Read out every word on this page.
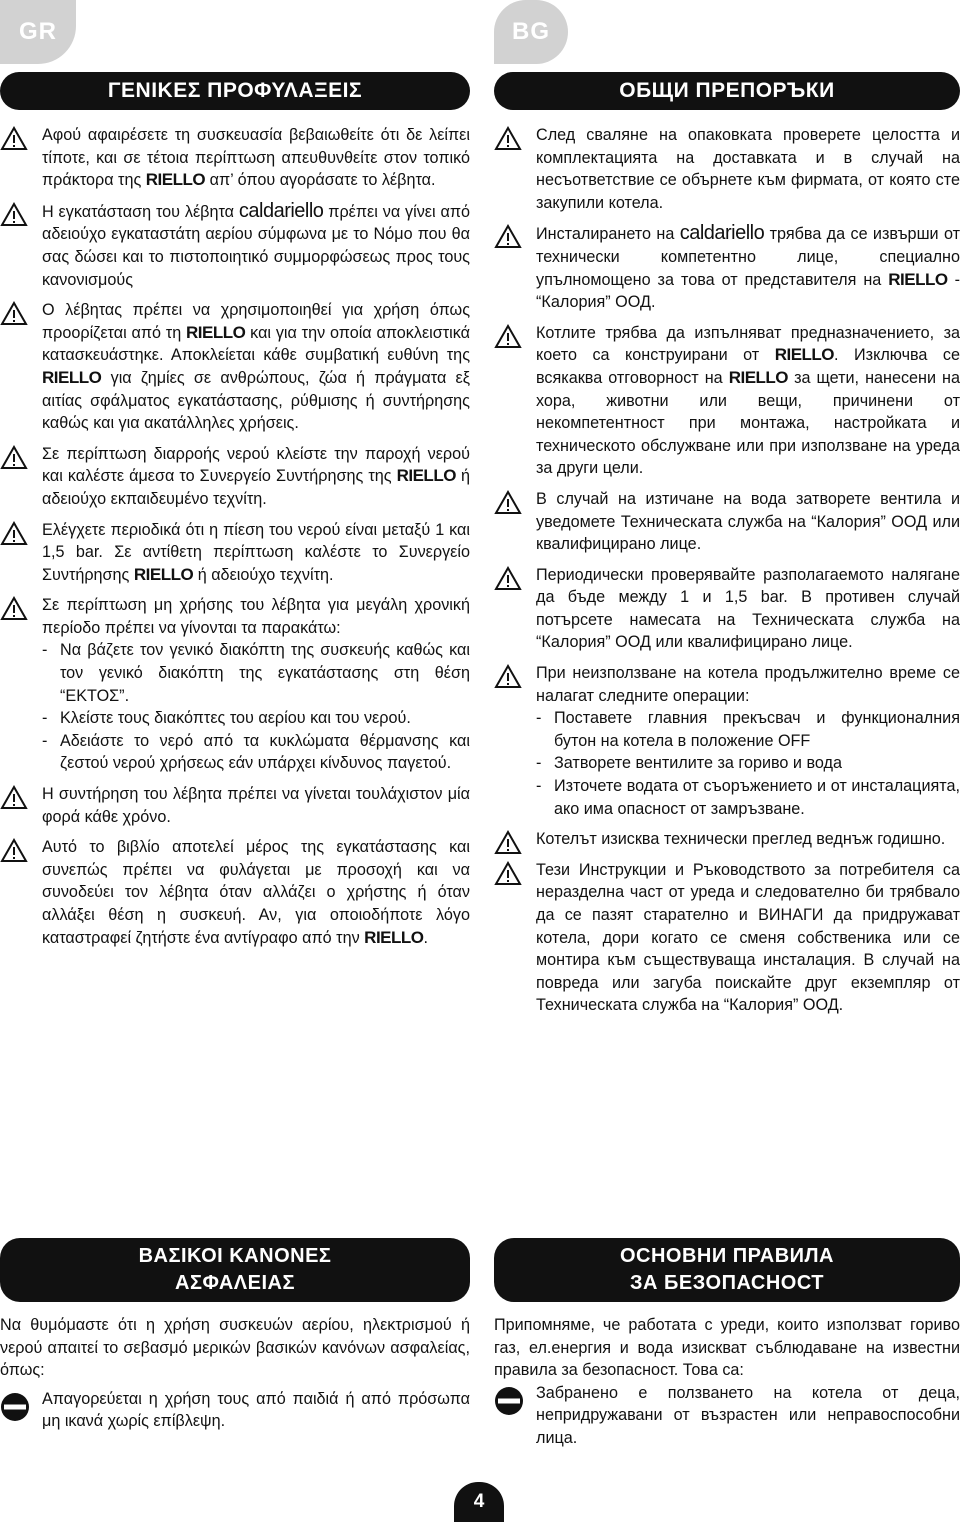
GR	BG
ΓΕΝΙΚΕΣ ΠΡΟΦΥΛΑΞΕΙΣ
Αφού αφαιρέσετε τη συσκευασία βεβαιωθείτε ότι δε λείπει τίποτε, και σε τέτοια περίπτωση απευθυνθείτε στον τοπικό πράκτορα της RIELLO απ’ όπου αγοράσατε το λέβητα.
Η εγκατάσταση του λέβητα caldariello πρέπει να γίνει από αδειούχο εγκαταστάτη αερίου σύμφωνα με το Νόμο που θα σας δώσει και το πιστοποιητικό συμμορφώσεως προς τους κανονισμούς
Ο λέβητας πρέπει να χρησιμοποιηθεί για χρήση όπως προορίζεται από τη RIELLO και για την οποία αποκλειστικά κατασκευάστηκε. Αποκλείεται κάθε συμβατική ευθύνη της RIELLO για ζημίες σε ανθρώπους, ζώα ή πράγματα εξ αιτίας σφάλματος εγκατάστασης, ρύθμισης ή συντήρησης καθώς και για ακατάλληλες χρήσεις.
Σε περίπτωση διαρροής νερού κλείστε την παροχή νερού και καλέστε άμεσα το Συνεργείο Συντήρησης της RIELLO ή αδειούχο εκπαιδευμένο τεχνίτη.
Ελέγχετε περιοδικά ότι η πίεση του νερού είναι μεταξύ 1 και 1,5 bar. Σε αντίθετη περίπτωση καλέστε το Συνεργείο Συντήρησης RIELLO ή αδειούχο τεχνίτη.
Σε περίπτωση μη χρήσης του λέβητα για μεγάλη χρονική περίοδο πρέπει να γίνονται τα παρακάτω:
- Να βάζετε τον γενικό διακόπτη της συσκευής καθώς και τον γενικό διακόπτη της εγκατάστασης στη θέση “ΕΚΤΟΣ”.
- Κλείστε τους διακόπτες του αερίου και του νερού.
- Αδειάστε το νερό από τα κυκλώματα θέρμανσης και ζεστού νερού χρήσεως εάν υπάρχει κίνδυνος παγετού.
Η συντήρηση του λέβητα πρέπει να γίνεται τουλάχιστον μία φορά κάθε χρόνο.
Αυτό το βιβλίο αποτελεί μέρος της εγκατάστασης και συνεπώς πρέπει να φυλάγεται με προσοχή και να συνοδεύει τον λέβητα όταν αλλάζει ο χρήστης ή όταν αλλάξει θέση η συσκευή. Αν, για οποιοδήποτε λόγο καταστραφεί ζητήστε ένα αντίγραφο από την RIELLO.
ОБЩИ ПРЕПОРЪКИ
След сваляне на опаковката проверете целостта и комплектацията на доставката и в случай на несъответствие се обърнете към фирмата, от която сте закупили котела.
Инсталирането на caldariello трябва да се извърши от технически компетентно лице, специално упълномощено за това от представителя на RIELLO - “Калория” ООД.
Котлите трябва да изпълняват предназначението, за което са конструирани от RIELLO. Изключва се всякаква отговорност на RIELLO за щети, нанесени на хора, животни или вещи, причинени от некомпетентност при монтажа, настройката и техническото обслужване или при използване на уреда за други цели.
В случай на изтичане на вода затворете вентила и уведомете Техническата служба на “Калория” ООД или квалифицирано лице.
Периодически проверявайте разполагаемото налягане да бъде между 1 и 1,5 bar. В противен случай потърсете намесата на Техническата служба на “Калория” ООД или квалифицирано лице.
При неизползване на котела продължително време се налагат следните операции:
- Поставете главния прекъсвач и функционалния бутон на котела в положение OFF
- Затворете вентилите за гориво и вода
- Източете водата от съоръжението и от инсталацията, ако има опасност от замръзване.
Котелът изисква технически преглед веднъж годишно.
Тези Инструкции и Ръководството за потребителя са неразделна част от уреда и следователно би трябвало да се пазят старателно и ВИНАГИ да придружават котела, дори когато се сменя собственика или се монтира към съществуваща инсталация. В случай на повреда или загуба поискайте друг екземпляр от Техническата служба на “Калория” ООД.
ΒΑΣΙΚΟΙ ΚΑΝΟΝΕΣ
ΑΣΦΑΛΕΙΑΣ
Να θυμόμαστε ότι η χρήση συσκευών αερίου, ηλεκτρισμού ή νερού απαιτεί το σεβασμό μερικών βασικών κανόνων ασφαλείας, όπως:
Απαγορεύεται η χρήση τους από παιδιά ή από πρόσωπα μη ικανά χωρίς επίβλεψη.
ОСНОВНИ ПРАВИЛА
ЗА БЕЗОПАСНОСТ
Припомняме, че работата с уреди, които използват гориво газ, ел.енергия и вода изискват съблюдаване на известни правила за безопасност. Това са:
Забранено е ползването на котела от деца, непридружавани от възрастен или неправоспособни лица.
4
